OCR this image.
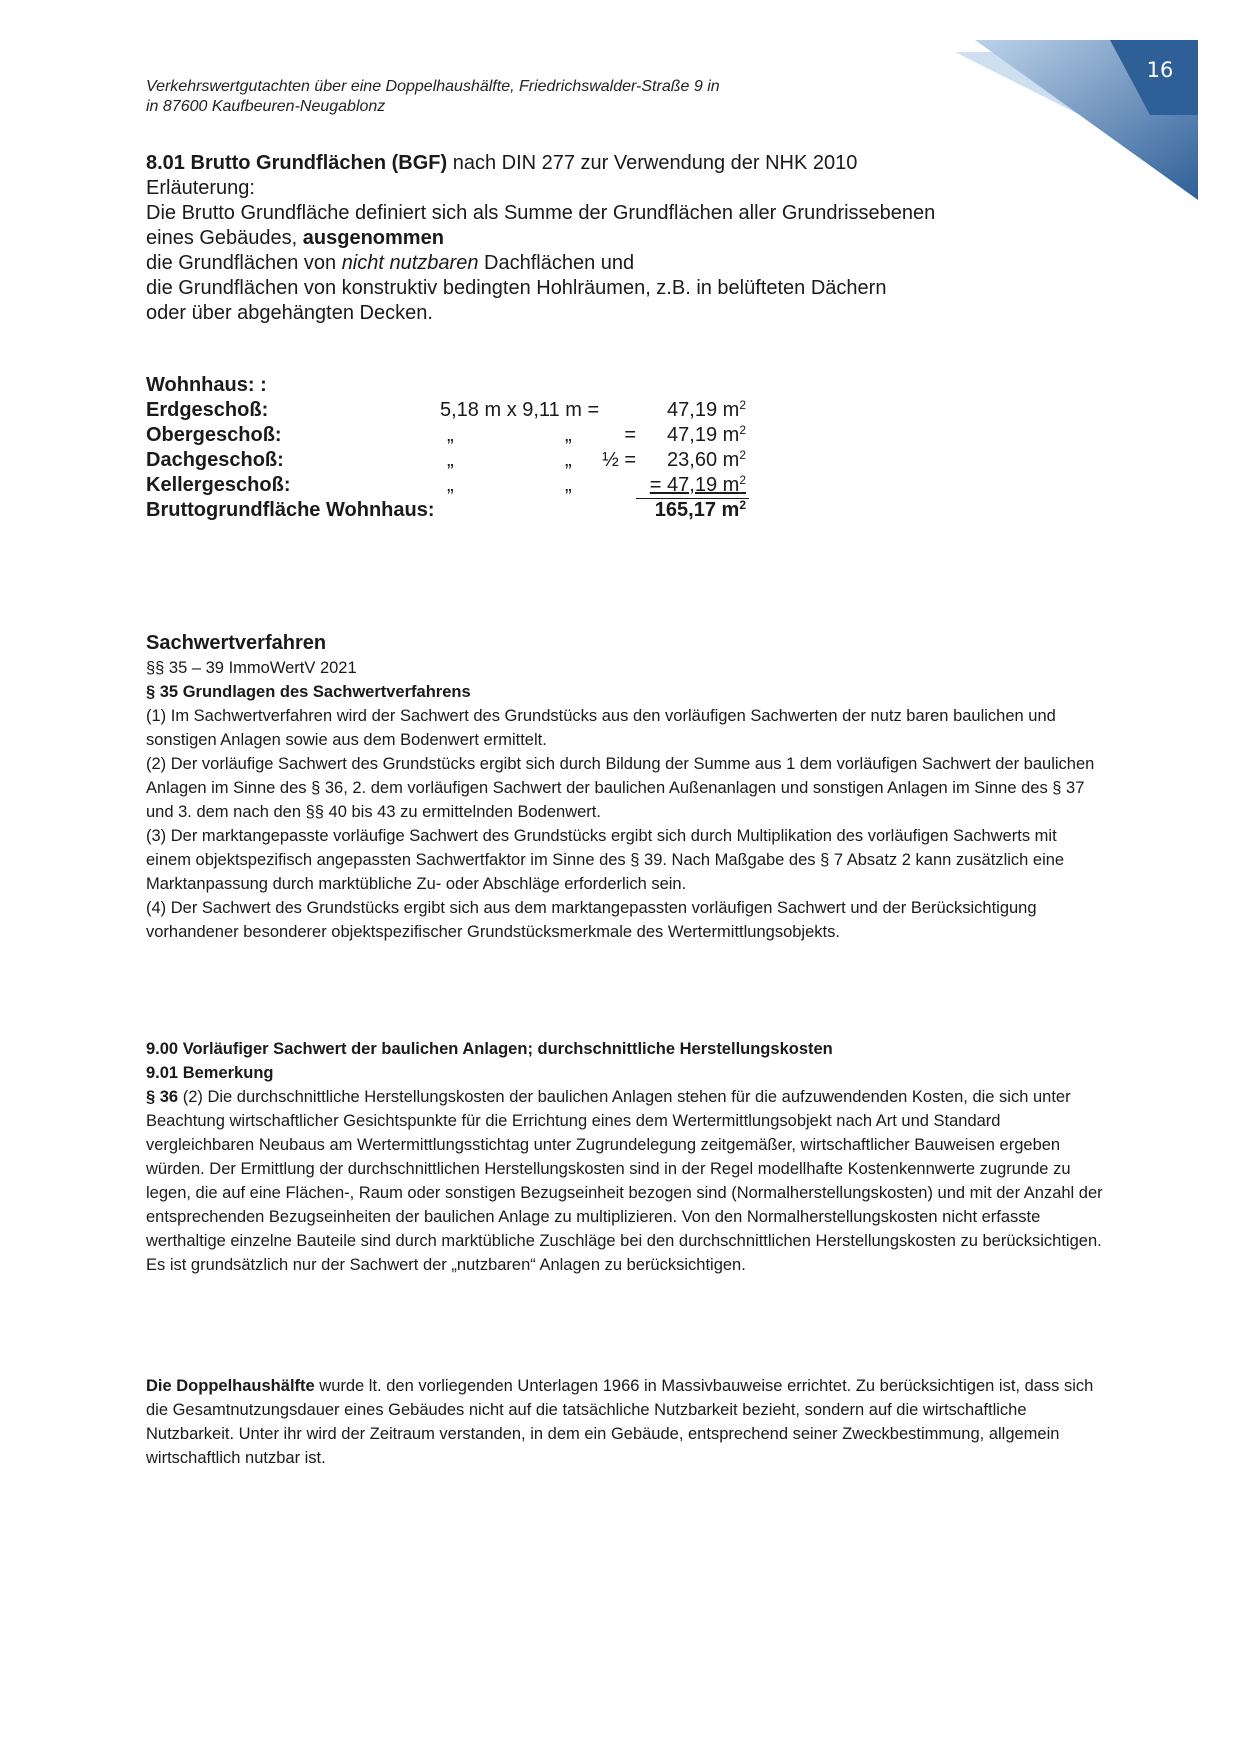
16
Verkehrswertgutachten über eine Doppelhaushälfte, Friedrichswalder-Straße 9 in
in 87600 Kaufbeuren-Neugablonz
8.01 Brutto Grundflächen (BGF) nach DIN 277 zur Verwendung der NHK 2010
Erläuterung:
Die Brutto Grundfläche definiert sich als Summe der Grundflächen aller Grundrissebenen
eines Gebäudes, ausgenommen
die Grundflächen von nicht nutzbaren Dachflächen und
die Grundflächen von konstruktiv bedingten Hohlräumen, z.B. in belüfteten Dächern
oder über abgehängten Decken.
Wohnhaus: :
Erdgeschoß:	5,18 m x 9,11 m =	47,19 $m^2$
Obergeschoß:	„	„	=	47,19 $m^2$
Dachgeschoß:	„	„	½ =	23,60 $m^2$
Kellergeschoß:	„	„	= 47,19 $m^2$
Bruttogrundfläche Wohnhaus:	165,17 $m^2$
Sachwertverfahren
§§ 35 – 39 ImmoWertV 2021
§ 35 Grundlagen des Sachwertverfahrens

(1) Im Sachwertverfahren wird der Sachwert des Grundstücks aus den vorläufigen Sachwerten der nutz baren baulichen und sonstigen Anlagen sowie aus dem Bodenwert ermittelt.

(2) Der vorläufige Sachwert des Grundstücks ergibt sich durch Bildung der Summe aus 1 dem vorläufigen Sachwert der baulichen Anlagen im Sinne des § 36, 2. dem vorläufigen Sachwert der baulichen Außenanlagen und sonstigen Anlagen im Sinne des § 37 und 3. dem nach den §§ 40 bis 43 zu ermittelnden Bodenwert.

(3) Der marktangepasste vorläufige Sachwert des Grundstücks ergibt sich durch Multiplikation des vorläufigen Sachwerts mit einem objektspezifisch angepassten Sachwertfaktor im Sinne des § 39. Nach Maßgabe des § 7 Absatz 2 kann zusätzlich eine Marktanpassung durch marktübliche Zu- oder Abschläge erforderlich sein.

(4) Der Sachwert des Grundstücks ergibt sich aus dem marktangepassten vorläufigen Sachwert und der Berücksichtigung vorhandener besonderer objektspezifischer Grundstücksmerkmale des Wertermittlungsobjekts.

9.00 Vorläufiger Sachwert der baulichen Anlagen; durchschnittliche Herstellungskosten
9.01 Bemerkung

§ 36 (2) Die durchschnittliche Herstellungskosten der baulichen Anlagen stehen für die aufzuwendenden Kosten, die sich unter Beachtung wirtschaftlicher Gesichtspunkte für die Errichtung eines dem Wertermittlungsobjekt nach Art und Standard vergleichbaren Neubaus am Wertermittlungsstichtag unter Zugrundelegung zeitgemäßer, wirtschaftlicher Bauweisen ergeben würden. Der Ermittlung der durchschnittlichen Herstellungskosten sind in der Regel modellhafte Kostenkennwerte zugrunde zu legen, die auf eine Flächen-, Raum oder sonstigen Bezugseinheit bezogen sind (Normalherstellungskosten) und mit der Anzahl der entsprechenden Bezugseinheiten der baulichen Anlage zu multiplizieren. Von den Normalherstellungskosten nicht erfasste werthaltige einzelne Bauteile sind durch marktübliche Zuschläge bei den durchschnittlichen Herstellungskosten zu berücksichtigen.

Es ist grundsätzlich nur der Sachwert der „nutzbaren“ Anlagen zu berücksichtigen.

Die Doppelhaushälfte wurde lt. den vorliegenden Unterlagen 1966 in Massivbauweise errichtet. Zu berücksichtigen ist, dass sich die Gesamtnutzungsdauer eines Gebäudes nicht auf die tatsächliche Nutzbarkeit bezieht, sondern auf die wirtschaftliche Nutzbarkeit. Unter ihr wird der Zeitraum verstanden, in dem ein Gebäude, entsprechend seiner Zweckbestimmung, allgemein wirtschaftlich nutzbar ist.
